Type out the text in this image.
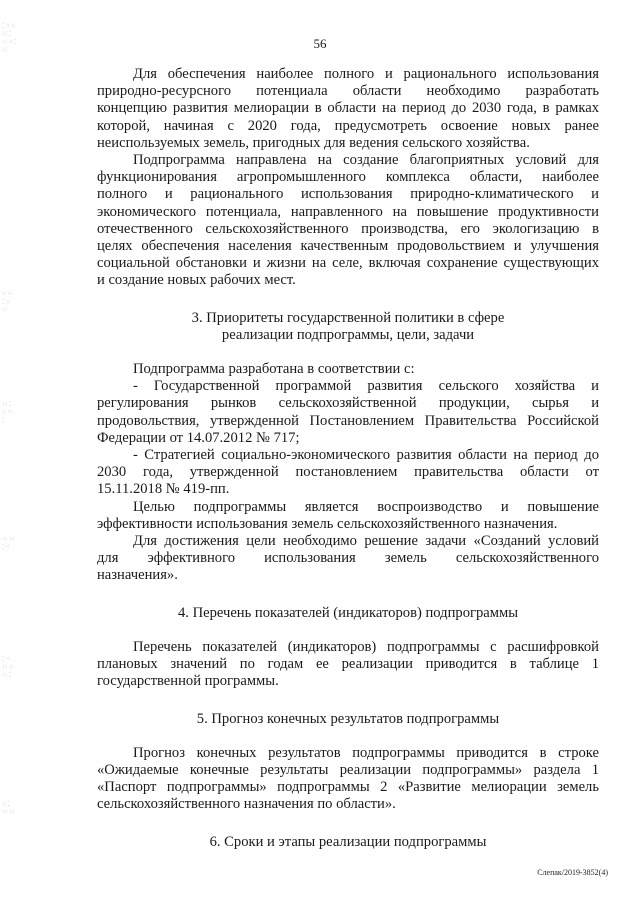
⁚⁖⁘
⁙⁚
⁘⁖⁚
⁙
⁖⁘
⁚⁙
⁘
⁙⁚
⁖⁘
⁚
⁘⁙
⁚⁖
⁚⁘
⁙⁖
⁘⁚
⁖⁚
⁘⁙
56
Для обеспечения наиболее полного и рационального использования
природно-ресурсного потенциала области необходимо разработать
концепцию развития мелиорации в области на период до 2030 года, в рамках
которой, начиная с 2020 года, предусмотреть освоение новых ранее
неиспользуемых земель, пригодных для ведения сельского хозяйства.
Подпрограмма направлена на создание благоприятных условий для
функционирования агропромышленного комплекса области, наиболее
полного и рационального использования природно-климатического и
экономического потенциала, направленного на повышение продуктивности
отечественного сельскохозяйственного производства, его экологизацию в
целях обеспечения населения качественным продовольствием и улучшения
социальной обстановки и жизни на селе, включая сохранение существующих
и создание новых рабочих мест.
3. Приоритеты государственной политики в сфере
реализации подпрограммы, цели, задачи
Подпрограмма разработана в соответствии с:
- Государственной программой развития сельского хозяйства и
регулирования рынков сельскохозяйственной продукции, сырья и
продовольствия, утвержденной Постановлением Правительства Российской
Федерации от 14.07.2012 № 717;
- Стратегией социально-экономического развития области на период до
2030 года, утвержденной постановлением правительства области от
15.11.2018 № 419-пп.
Целью подпрограммы является воспроизводство и повышение
эффективности использования земель сельскохозяйственного назначения.
Для достижения цели необходимо решение задачи «Созданий условий
для эффективного использования земель сельскохозяйственного
назначения».
4. Перечень показателей (индикаторов) подпрограммы
Перечень показателей (индикаторов) подпрограммы с расшифровкой
плановых значений по годам ее реализации приводится в таблице 1
государственной программы.
5. Прогноз конечных результатов подпрограммы
Прогноз конечных результатов подпрограммы приводится в строке
«Ожидаемые конечные результаты реализации подпрограммы» раздела 1
«Паспорт подпрограммы» подпрограммы 2 «Развитие мелиорации земель
сельскохозяйственного назначения по области».
6. Сроки и этапы реализации подпрограммы
Слепак/2019-3852(4)
